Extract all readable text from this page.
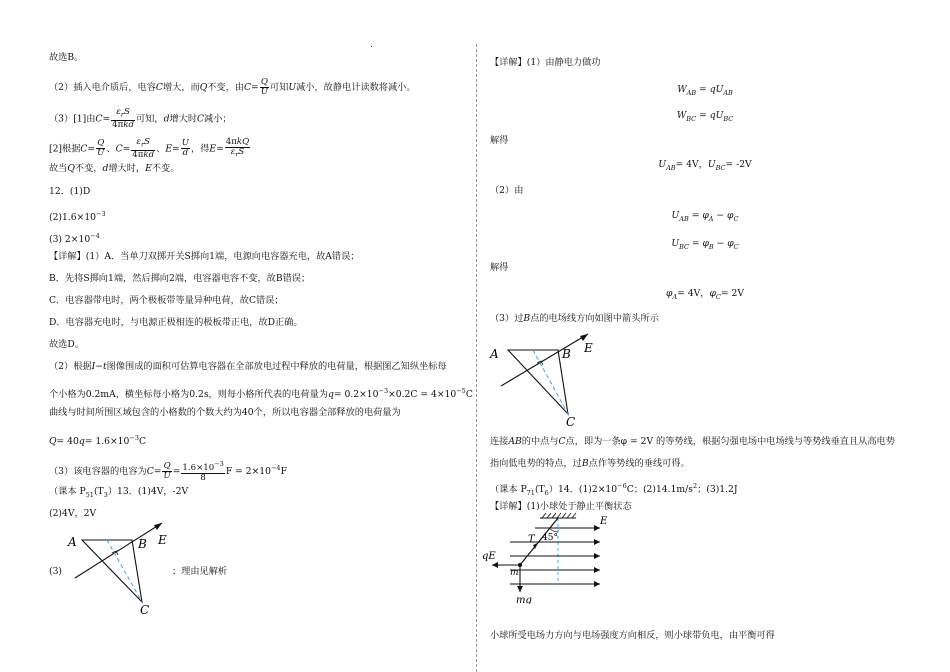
.
故选B。
（2）插入电介质后，电容C增大，而Q不变，由$C= \frac{Q}{U}$ 可知U减小，故静电计读数将减小。
（3）[1]由$C= \frac{\varepsilon_rS}{\text{4πkd}}$ 可知，d增大时C减小；
[2]根据$C= \frac{Q}{U}$ 、$C= \frac{\varepsilon_rS}{\text{4πkd}}$ 、$E= \frac{U}{d}$ ，得$E= \frac{\text{4πkQ}}{\varepsilon_rS}$
故当Q不变，d增大时，E不变。
12．(1)D
$(2)1.6\times 10^{-3}$
(3) $2\times 10^{-4}$
【详解】(1）A．当单刀双掷开关S掷向1端，电源向电容器充电，故A错误；
B．先将S掷向1端，然后掷向2端，电容器电容不变，故B错误；
C．电容器带电时，两个极板带等量异种电荷，故C错误；
D．电容器充电时，与电源正极相连的极板带正电，故D正确。
故选D。
（2）根据I−t图像围成的面积可估算电容器在全部放电过程中释放的电荷量，根据图乙知纵坐标每
个小格为0.2mA，横坐标每小格为0.2s，则每小格所代表的电荷量为$q= 0.2\times 10^{-3}\times 0.2C = 4\times 10^{-5}C$
曲线与时间所围区域包含的小格数的个数大约为40个，所以电容器全部释放的电荷量为
$Q= 40q= 1.6\times 10^{-3}C$
（3）该电容器的电容为$C= \frac{Q}{U} = \frac{1.6\times 10^{-3}}{8}$ $F = 2\times 10^{-4}F$
（课本 $P_{51}(T_3)13$．(1)4V，-2V
(2)4V，2V
(3)	；理由见解析
A	B
C
E
【详解】(1）由静电力做功
$W_{AB} = qU_{AB}$
$W_{BC} = qU_{BC}$
解得
$U_{AB}= 4V$，$U_{BC}= -2V$
（2）由
$U_{AB} = \varphi_A - \varphi_C$
$U_{BC} = \varphi_B - \varphi_C$
解得
$\varphi_A= 4V$，$\varphi_C= 2V$
（3）过B点的电场线方向如图中箭头所示
A	B
C
E
连接AB的中点与C点，即为一条φ = 2V 的等势线，根据匀强电场中电场线与等势线垂直且从高电势
指向低电势的特点，过B点作等势线的垂线可得。
（课本 $P_{71}(T_6)14$．$(1)2\times 10^{-6}C$；$(2)14.1m/s^2$；(3)1.2J
【详解】(1)小球处于静止平衡状态
E
T 45°
qE
m
mg
小球所受电场力方向与电场强度方向相反，则小球带负电，由平衡可得
